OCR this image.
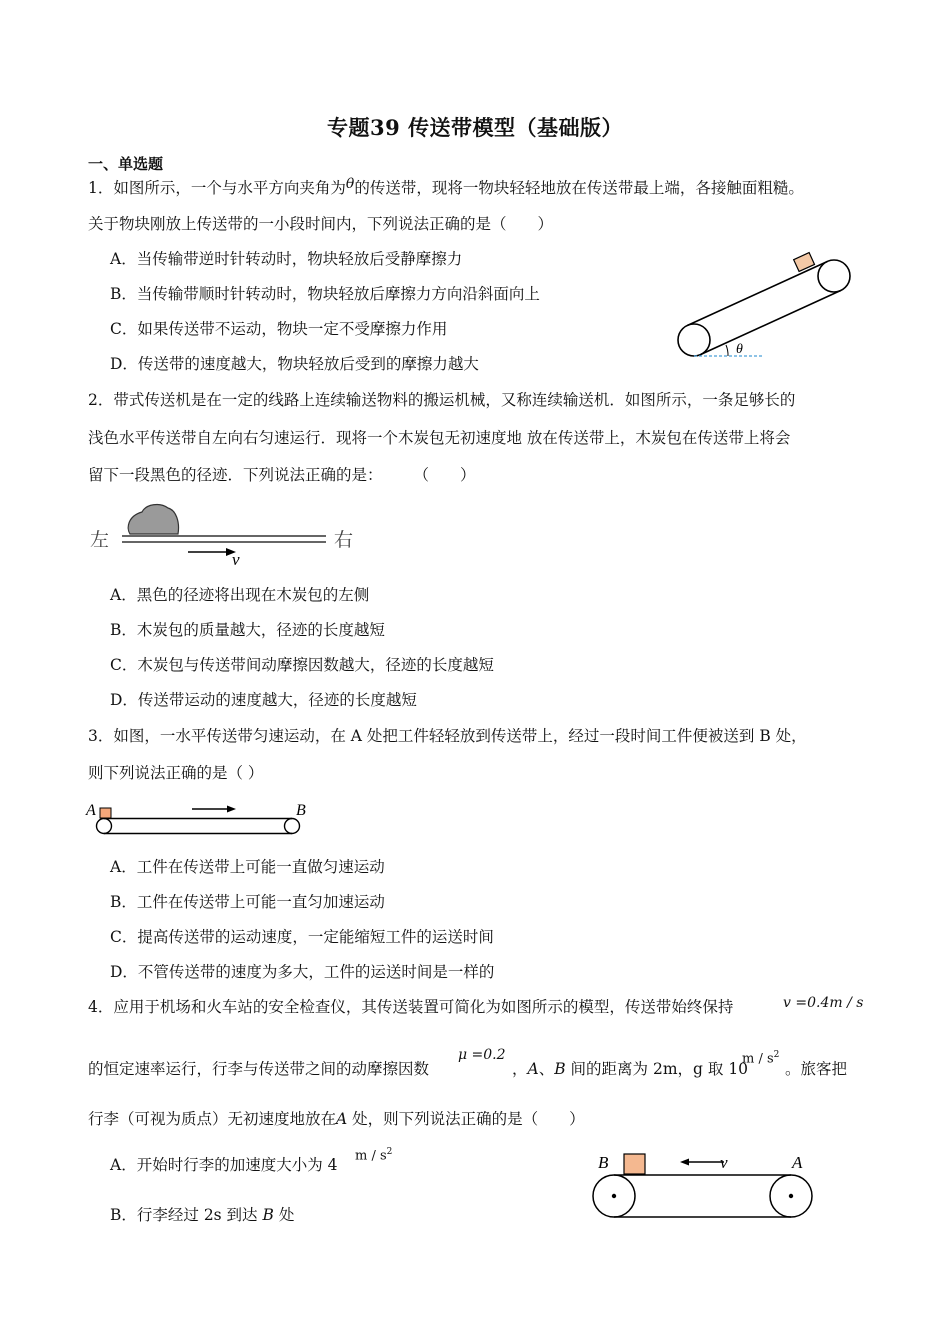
专题39 传送带模型（基础版）
一、单选题
1．如图所示，一个与水平方向夹角为θ的传送带，现将一物块轻轻地放在传送带最上端，各接触面粗糙。
关于物块刚放上传送带的一小段时间内，下列说法正确的是（　　）
A．当传输带逆时针转动时，物块轻放后受静摩擦力
B．当传输带顺时针转动时，物块轻放后摩擦力方向沿斜面向上
C．如果传送带不运动，物块一定不受摩擦力作用
D．传送带的速度越大，物块轻放后受到的摩擦力越大
θ
2．带式传送机是在一定的线路上连续输送物料的搬运机械，又称连续输送机．如图所示，一条足够长的
浅色水平传送带自左向右匀速运行．现将一个木炭包无初速度地 放在传送带上，木炭包在传送带上将会
留下一段黑色的径迹．下列说法正确的是：　　　（　　）
左	右
v
A．黑色的径迹将出现在木炭包的左侧
B．木炭包的质量越大，径迹的长度越短
C．木炭包与传送带间动摩擦因数越大，径迹的长度越短
D．传送带运动的速度越大，径迹的长度越短
3．如图，一水平传送带匀速运动，在 A 处把工件轻轻放到传送带上，经过一段时间工件便被送到 B 处，
则下列说法正确的是（ ）
A	B
A．工件在传送带上可能一直做匀速运动
B．工件在传送带上可能一直匀加速运动
C．提高传送带的运动速度，一定能缩短工件的运送时间
D．不管传送带的速度为多大，工件的运送时间是一样的
4．应用于机场和火车站的安全检查仪，其传送装置可简化为如图所示的模型，传送带始终保持	v =0.4m / s
的恒定速率运行，行李与传送带之间的动摩擦因数
μ =0.2
，A、B 间的距离为 2m，g 取 10
m / $s^2$
。旅客把
行李（可视为质点）无初速度地放在A 处，则下列说法正确的是（　　）
A．开始时行李的加速度大小为 4
m / $s^2$
B．行李经过 2s 到达 B 处
B	A
v
